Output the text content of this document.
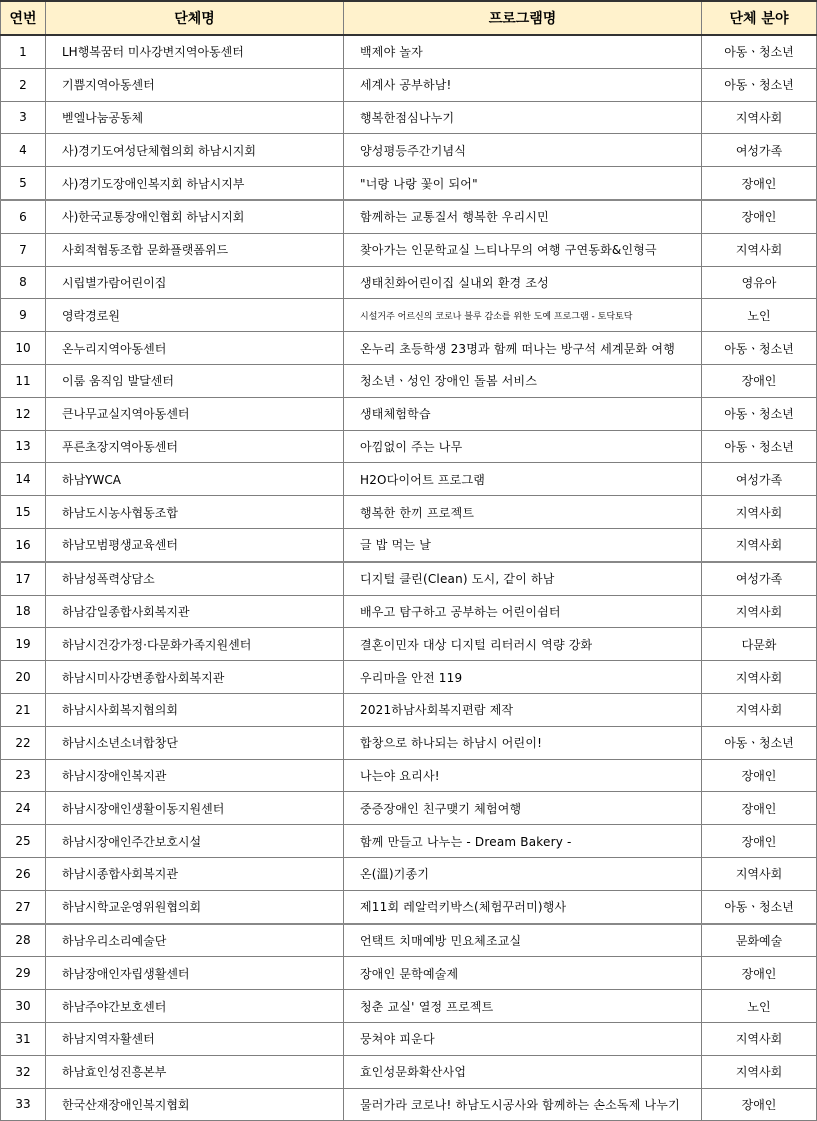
연번	단체명	프로그램명	단체 분야
1	LH행복꿈터 미사강변지역아동센터	백제야 놀자	아동ㆍ청소년
2	기쁨지역아동센터	세계사 공부하남!	아동ㆍ청소년
3	벧엘나눔공동체	행복한점심나누기	지역사회
4	사)경기도여성단체협의회 하남시지회	양성평등주간기념식	여성가족
5	사)경기도장애인복지회 하남시지부	"너랑 나랑 꽃이 되어"	장애인
6	사)한국교통장애인협회 하남시지회	함께하는 교통질서 행복한 우리시민	장애인
7	사회적협동조합 문화플랫폼위드	찾아가는 인문학교실 느티나무의 여행 구연동화&인형극	지역사회
8	시립별가람어린이집	생태친화어린이집 실내외 환경 조성	영유아
9	영락경로원	시설거주 어르신의 코로나 블루 감소를 위한 도예 프로그램 - 토닥토닥	노인
10	온누리지역아동센터	온누리 초등학생 23명과 함께 떠나는 방구석 세계문화 여행	아동ㆍ청소년
11	이룸 움직임 발달센터	청소년ㆍ성인 장애인 돌봄 서비스	장애인
12	큰나무교실지역아동센터	생태체험학습	아동ㆍ청소년
13	푸른초장지역아동센터	아낌없이 주는 나무	아동ㆍ청소년
14	하남YWCA	H2O다이어트 프로그램	여성가족
15	하남도시농사협동조합	행복한 한끼 프로젝트	지역사회
16	하남모범평생교육센터	글 밥 먹는 날	지역사회
17	하남성폭력상담소	디지털 클린(Clean) 도시, 같이 하남	여성가족
18	하남감일종합사회복지관	배우고 탐구하고 공부하는 어린이쉼터	지역사회
19	하남시건강가정·다문화가족지원센터	결혼이민자 대상 디지털 리터러시 역량 강화	다문화
20	하남시미사강변종합사회복지관	우리마을 안전 119	지역사회
21	하남시사회복지협의회	2021하남사회복지편람 제작	지역사회
22	하남시소년소녀합창단	합창으로 하나되는 하남시 어린이!	아동ㆍ청소년
23	하남시장애인복지관	나는야 요리사!	장애인
24	하남시장애인생활이동지원센터	중증장애인 친구맺기 체험여행	장애인
25	하남시장애인주간보호시설	함께 만들고 나누는 - Dream Bakery -	장애인
26	하남시종합사회복지관	온(溫)기종기	지역사회
27	하남시학교운영위원협의회	제11회 레알럭키박스(체험꾸러미)행사	아동ㆍ청소년
28	하남우리소리예술단	언택트 치매예방 민요체조교실	문화예술
29	하남장애인자립생활센터	장애인 문학예술제	장애인
30	하남주야간보호센터	청춘 교실' 열정 프로젝트	노인
31	하남지역자활센터	뭉쳐야 피운다	지역사회
32	하남효인성진흥본부	효인성문화확산사업	지역사회
33	한국산재장애인복지협회	물러가라 코로나! 하남도시공사와 함께하는 손소독제 나누기	장애인
